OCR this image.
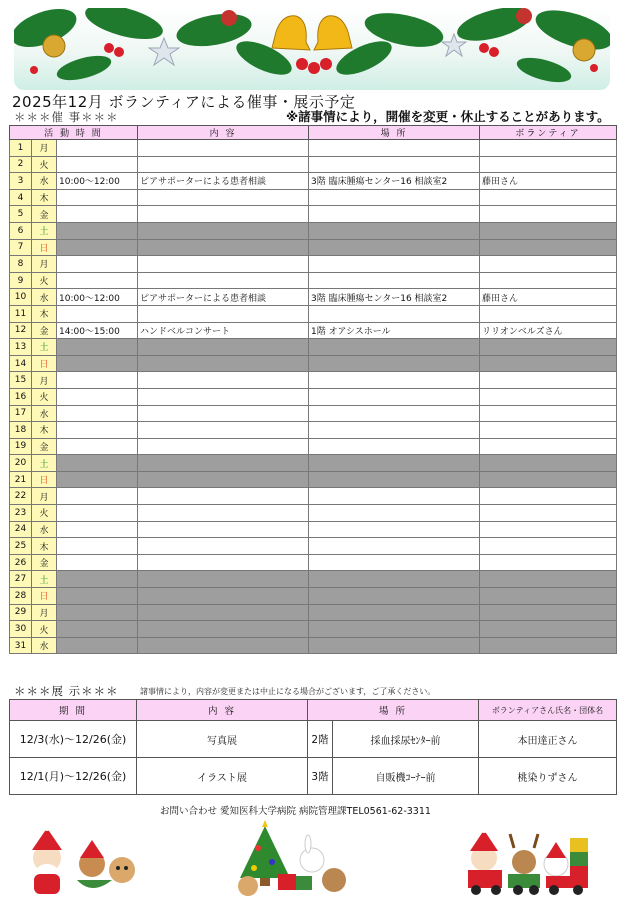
2025年12月 ボランティアによる催事・展示予定
＊＊＊催 事＊＊＊	※諸事情により，開催を変更・休止することがあります。
活 動 時 間			内 容	場 所	ボランティア
1	月				
2	火				
3	水	10:00～12:00	ピアサポーターによる患者相談	3階 臨床腫瘍センター16 相談室2	藤田さん
4	木				
5	金				
6	土				
7	日				
8	月				
9	火				
10	水	10:00～12:00	ピアサポーターによる患者相談	3階 臨床腫瘍センター16 相談室2	藤田さん
11	木				
12	金	14:00～15:00	ハンドベルコンサート	1階 オアシスホール	リリオンベルズさん
13	土				
14	日				
15	月				
16	火				
17	水				
18	木				
19	金				
20	土				
21	日				
22	月				
23	火				
24	水				
25	木				
26	金				
27	土				
28	日				
29	月				
30	火				
31	水				
＊＊＊展 示＊＊＊	諸事情により，内容が変更または中止になる場合がございます，ご了承ください。
期 間	内 容	場 所		ボランティアさん氏名・団体名
12/3(水)～12/26(金)	写真展	2階	採血採尿ｾﾝﾀｰ前	本田達正さん
12/1(月)～12/26(金)	イラスト展	3階	自販機ｺｰﾅｰ前	桃染りずさん
お問い合わせ 愛知医科大学病院 病院管理課TEL0561-62-3311
